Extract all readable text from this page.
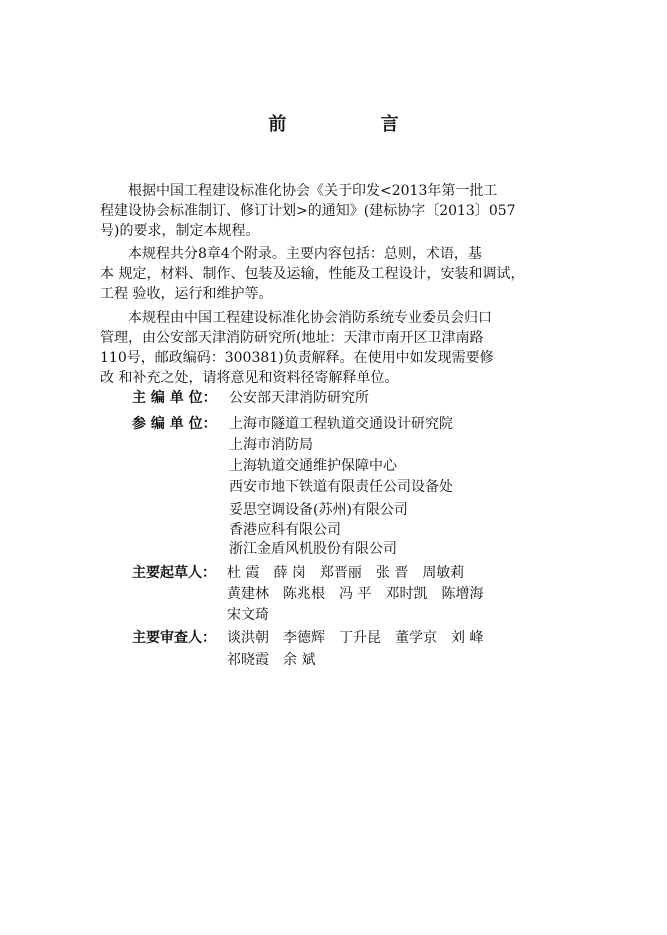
前 言
　　根据中国工程建设标准化协会《关于印发<2013年第一批工
程建设协会标准制订、修订计划>的通知》(建标协字〔2013〕057
号)的要求，制定本规程。
　　本规程共分8章4个附录。主要内容包括：总则，术语，基
本 规定，材料、制作、包装及运输，性能及工程设计，安装和调试，
工程 验收，运行和维护等。
　　本规程由中国工程建设标准化协会消防系统专业委员会归口
管理，由公安部天津消防研究所(地址：天津市南开区卫津南路
110号，邮政编码：300381)负责解释。在使用中如发现需要修
改 和补充之处，请将意见和资料径寄解释单位。
主 编 单 位： 公安部天津消防研究所
参 编 单 位： 上海市隧道工程轨道交通设计研究院
上海市消防局
上海轨道交通维护保障中心
西安市地下铁道有限责任公司设备处
妥思空调设备(苏州)有限公司
香港应科有限公司
浙江金盾风机股份有限公司
主要起草人： 杜 霞 薛 岗 郑晋丽 张 晋 周敏莉
黄建林 陈兆根 冯 平 邓时凯 陈增海
宋文琦
主要审查人： 谈洪朝 李德辉 丁升昆 董学京 刘 峰
祁晓霞 余 斌
